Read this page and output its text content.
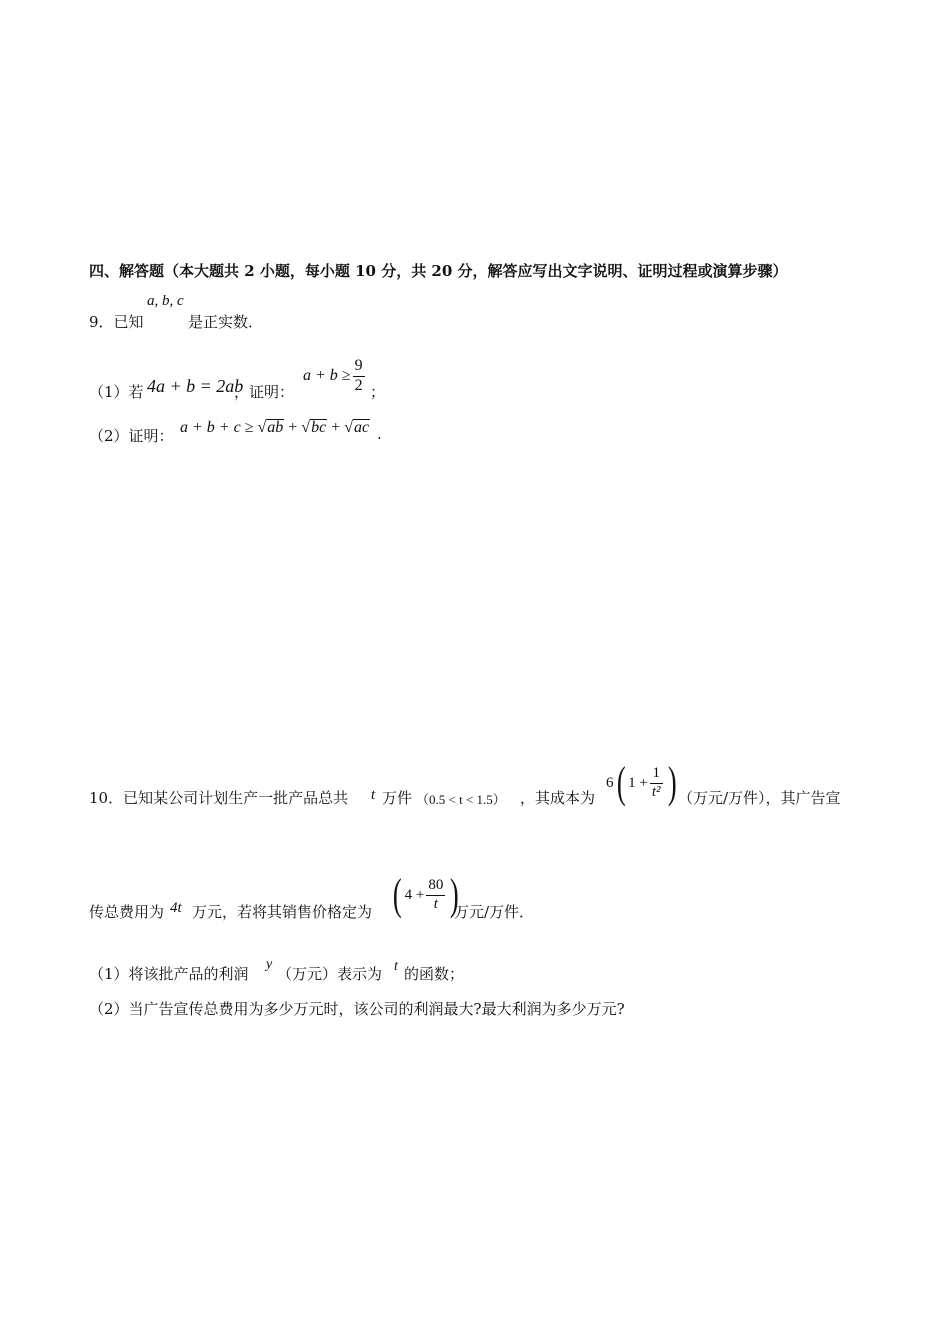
四、解答题（本大题共 2 小题，每小题 10 分，共 20 分，解答应写出文字说明、证明过程或演算步骤）
9．已知
a, b, c
是正实数．
（1）若 4a + b = 2ab
，证明：
$a + b \ge \frac{9}{2}$ ；
（2）证明： a + b + c ≥ √ab + √bc + √ac .
10．已知某公司计划生产一批产品总共 t 万件 （0.5 < t < 1.5） ，其成本为
6 ( $1 + \frac{1}{\text{t²}}$ ) （万元/万件），其广告宣
传总费用为 4t 万元，若将其销售价格定为 ( $4 + \frac{80}{t}$ )
万元/万件．
（1）将该批产品的利润
y
（万元）表示为 t 的函数；
（2）当广告宣传总费用为多少万元时，该公司的利润最大?最大利润为多少万元?
